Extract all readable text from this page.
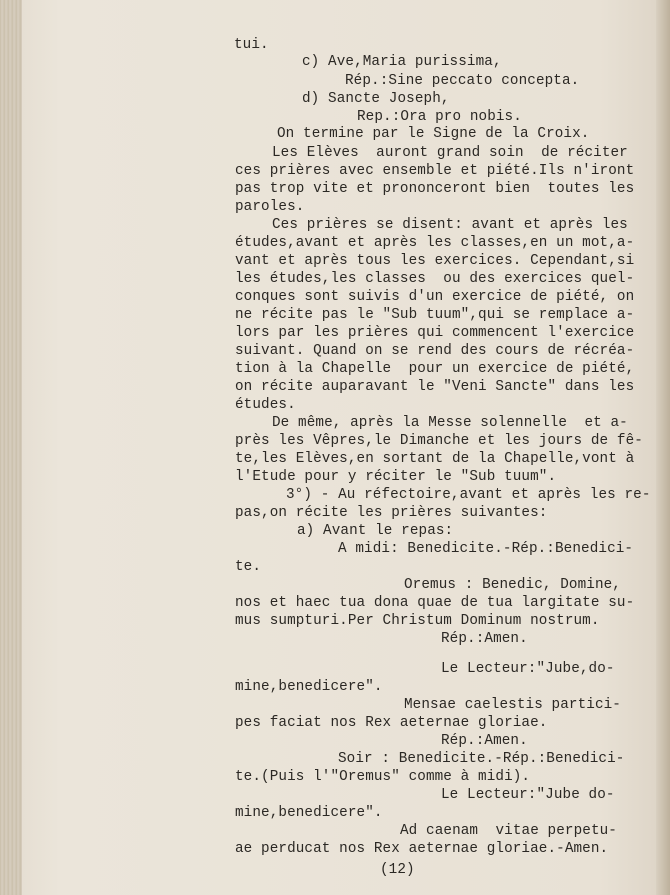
tui.
c) Ave,Maria purissima,
Rép.:Sine peccato concepta.
d) Sancte Joseph,
Rep.:Ora pro nobis.
On termine par le Signe de la Croix.
Les Elèves  auront grand soin  de réciter
ces prières avec ensemble et piété.Ils n'iront
pas trop vite et prononceront bien  toutes les
paroles.
Ces prières se disent: avant et après les
études,avant et après les classes,en un mot,a-
vant et après tous les exercices. Cependant,si
les études,les classes  ou des exercices quel-
conques sont suivis d'un exercice de piété, on
ne récite pas le "Sub tuum",qui se remplace a-
lors par les prières qui commencent l'exercice
suivant. Quand on se rend des cours de récréa-
tion à la Chapelle  pour un exercice de piété,
on récite auparavant le "Veni Sancte" dans les
études.
De même, après la Messe solennelle  et a-
près les Vêpres,le Dimanche et les jours de fê-
te,les Elèves,en sortant de la Chapelle,vont à
l'Etude pour y réciter le "Sub tuum".
3°) - Au réfectoire,avant et après les re-
pas,on récite les prières suivantes:
a) Avant le repas:
A midi: Benedicite.-Rép.:Benedici-
te.
Oremus : Benedic, Domine,
nos et haec tua dona quae de tua largitate su-
mus sumpturi.Per Christum Dominum nostrum.
Rép.:Amen.
Le Lecteur:"Jube,do-
mine,benedicere".
Mensae caelestis partici-
pes faciat nos Rex aeternae gloriae.
Rép.:Amen.
Soir : Benedicite.-Rép.:Benedici-
te.(Puis l'"Oremus" comme à midi).
Le Lecteur:"Jube do-
mine,benedicere".
Ad caenam  vitae perpetu-
ae perducat nos Rex aeternae gloriae.-Amen.
(12)
